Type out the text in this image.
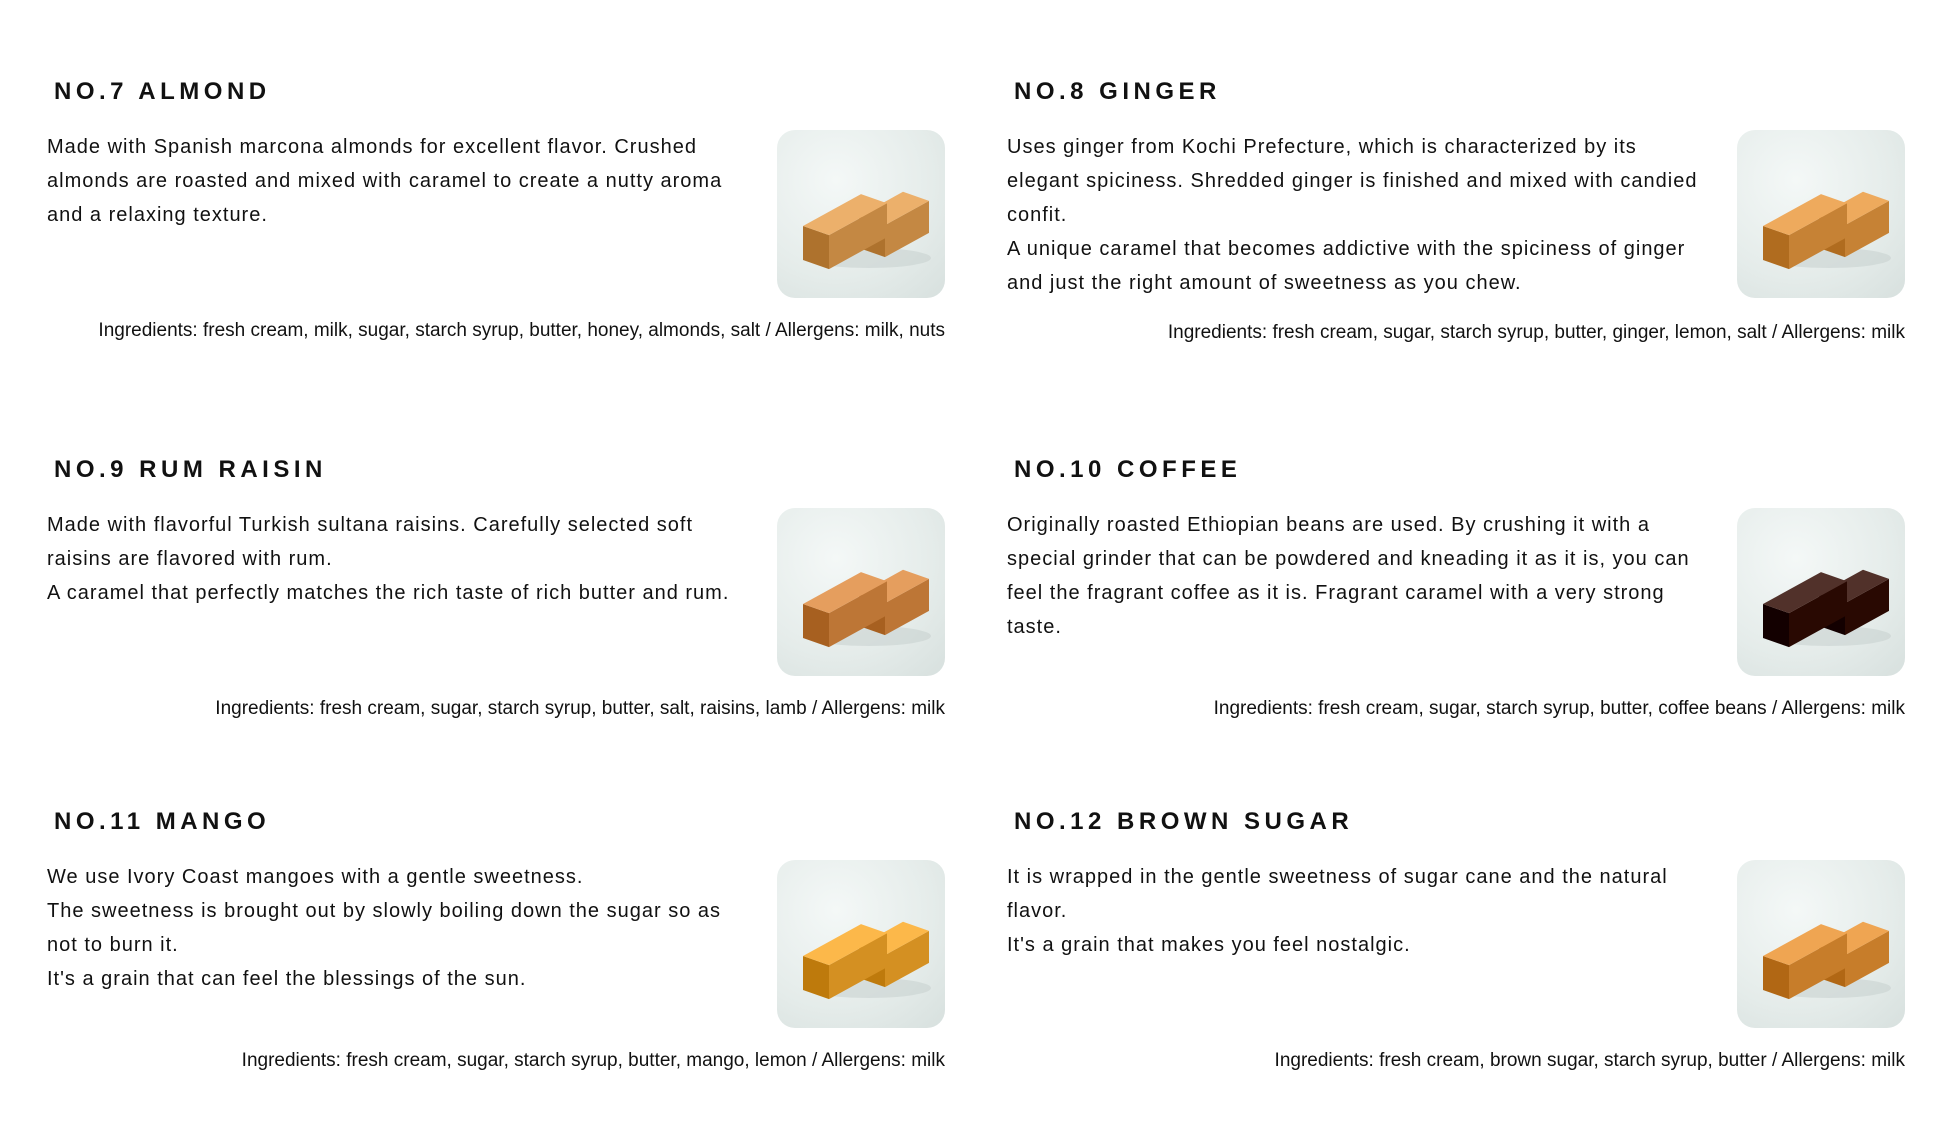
NO.7 ALMOND

Made with Spanish marcona almonds for excellent flavor. Crushed almonds are roasted and mixed with caramel to create a nutty aroma and a relaxing texture.

Ingredients: fresh cream, milk, sugar, starch syrup, butter, honey, almonds, salt / Allergens: milk, nuts
NO.8 GINGER

Uses ginger from Kochi Prefecture, which is characterized by its elegant spiciness. Shredded ginger is finished and mixed with candied confit.

A unique caramel that becomes addictive with the spiciness of ginger and just the right amount of sweetness as you chew.

Ingredients: fresh cream, sugar, starch syrup, butter, ginger, lemon, salt / Allergens: milk
NO.9 RUM RAISIN

Made with flavorful Turkish sultana raisins. Carefully selected soft raisins are flavored with rum.

A caramel that perfectly matches the rich taste of rich butter and rum.

Ingredients: fresh cream, sugar, starch syrup, butter, salt, raisins, lamb / Allergens: milk
NO.10 COFFEE

Originally roasted Ethiopian beans are used. By crushing it with a special grinder that can be powdered and kneading it as it is, you can feel the fragrant coffee as it is. Fragrant caramel with a very strong taste.

Ingredients: fresh cream, sugar, starch syrup, butter, coffee beans / Allergens: milk
NO.11 MANGO

We use Ivory Coast mangoes with a gentle sweetness.

The sweetness is brought out by slowly boiling down the sugar so as not to burn it.

It's a grain that can feel the blessings of the sun.

Ingredients: fresh cream, sugar, starch syrup, butter, mango, lemon / Allergens: milk
NO.12 BROWN SUGAR

It is wrapped in the gentle sweetness of sugar cane and the natural flavor.

It's a grain that makes you feel nostalgic.

Ingredients: fresh cream, brown sugar, starch syrup, butter / Allergens: milk
